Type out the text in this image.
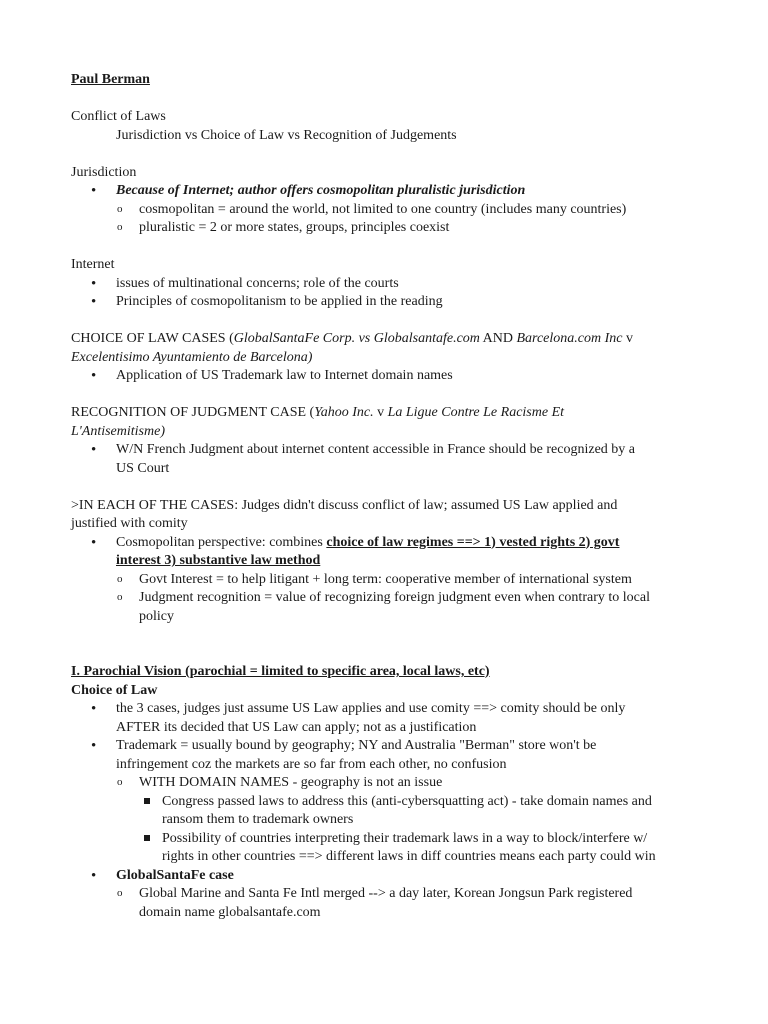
Paul Berman
Conflict of Laws
Jurisdiction vs Choice of Law vs Recognition of Judgements
Jurisdiction
• Because of Internet; author offers cosmopolitan pluralistic jurisdiction
o cosmopolitan = around the world, not limited to one country (includes many countries)
o pluralistic = 2 or more states, groups, principles coexist
Internet
• issues of multinational concerns; role of the courts
• Principles of cosmopolitanism to be applied in the reading
CHOICE OF LAW CASES (GlobalSantaFe Corp. vs Globalsantafe.com AND Barcelona.com Inc v
Excelentisimo Ayuntamiento de Barcelona)
• Application of US Trademark law to Internet domain names
RECOGNITION OF JUDGMENT CASE (Yahoo Inc. v La Ligue Contre Le Racisme Et
L'Antisemitisme)
• W/N French Judgment about internet content accessible in France should be recognized by a
US Court
>IN EACH OF THE CASES: Judges didn't discuss conflict of law; assumed US Law applied and
justified with comity
• Cosmopolitan perspective: combines choice of law regimes ==> 1) vested rights 2) govt
interest 3) substantive law method
o Govt Interest = to help litigant + long term: cooperative member of international system
o Judgment recognition = value of recognizing foreign judgment even when contrary to local
policy
I. Parochial Vision (parochial = limited to specific area, local laws, etc)
Choice of Law
• the 3 cases, judges just assume US Law applies and use comity ==> comity should be only
AFTER its decided that US Law can apply; not as a justification
• Trademark = usually bound by geography; NY and Australia "Berman" store won't be
infringement coz the markets are so far from each other, no confusion
o WITH DOMAIN NAMES - geography is not an issue
Congress passed laws to address this (anti-cybersquatting act) - take domain names and
ransom them to trademark owners
Possibility of countries interpreting their trademark laws in a way to block/interfere w/
rights in other countries ==> different laws in diff countries means each party could win
• GlobalSantaFe case
o Global Marine and Santa Fe Intl merged --> a day later, Korean Jongsun Park registered
domain name globalsantafe.com
